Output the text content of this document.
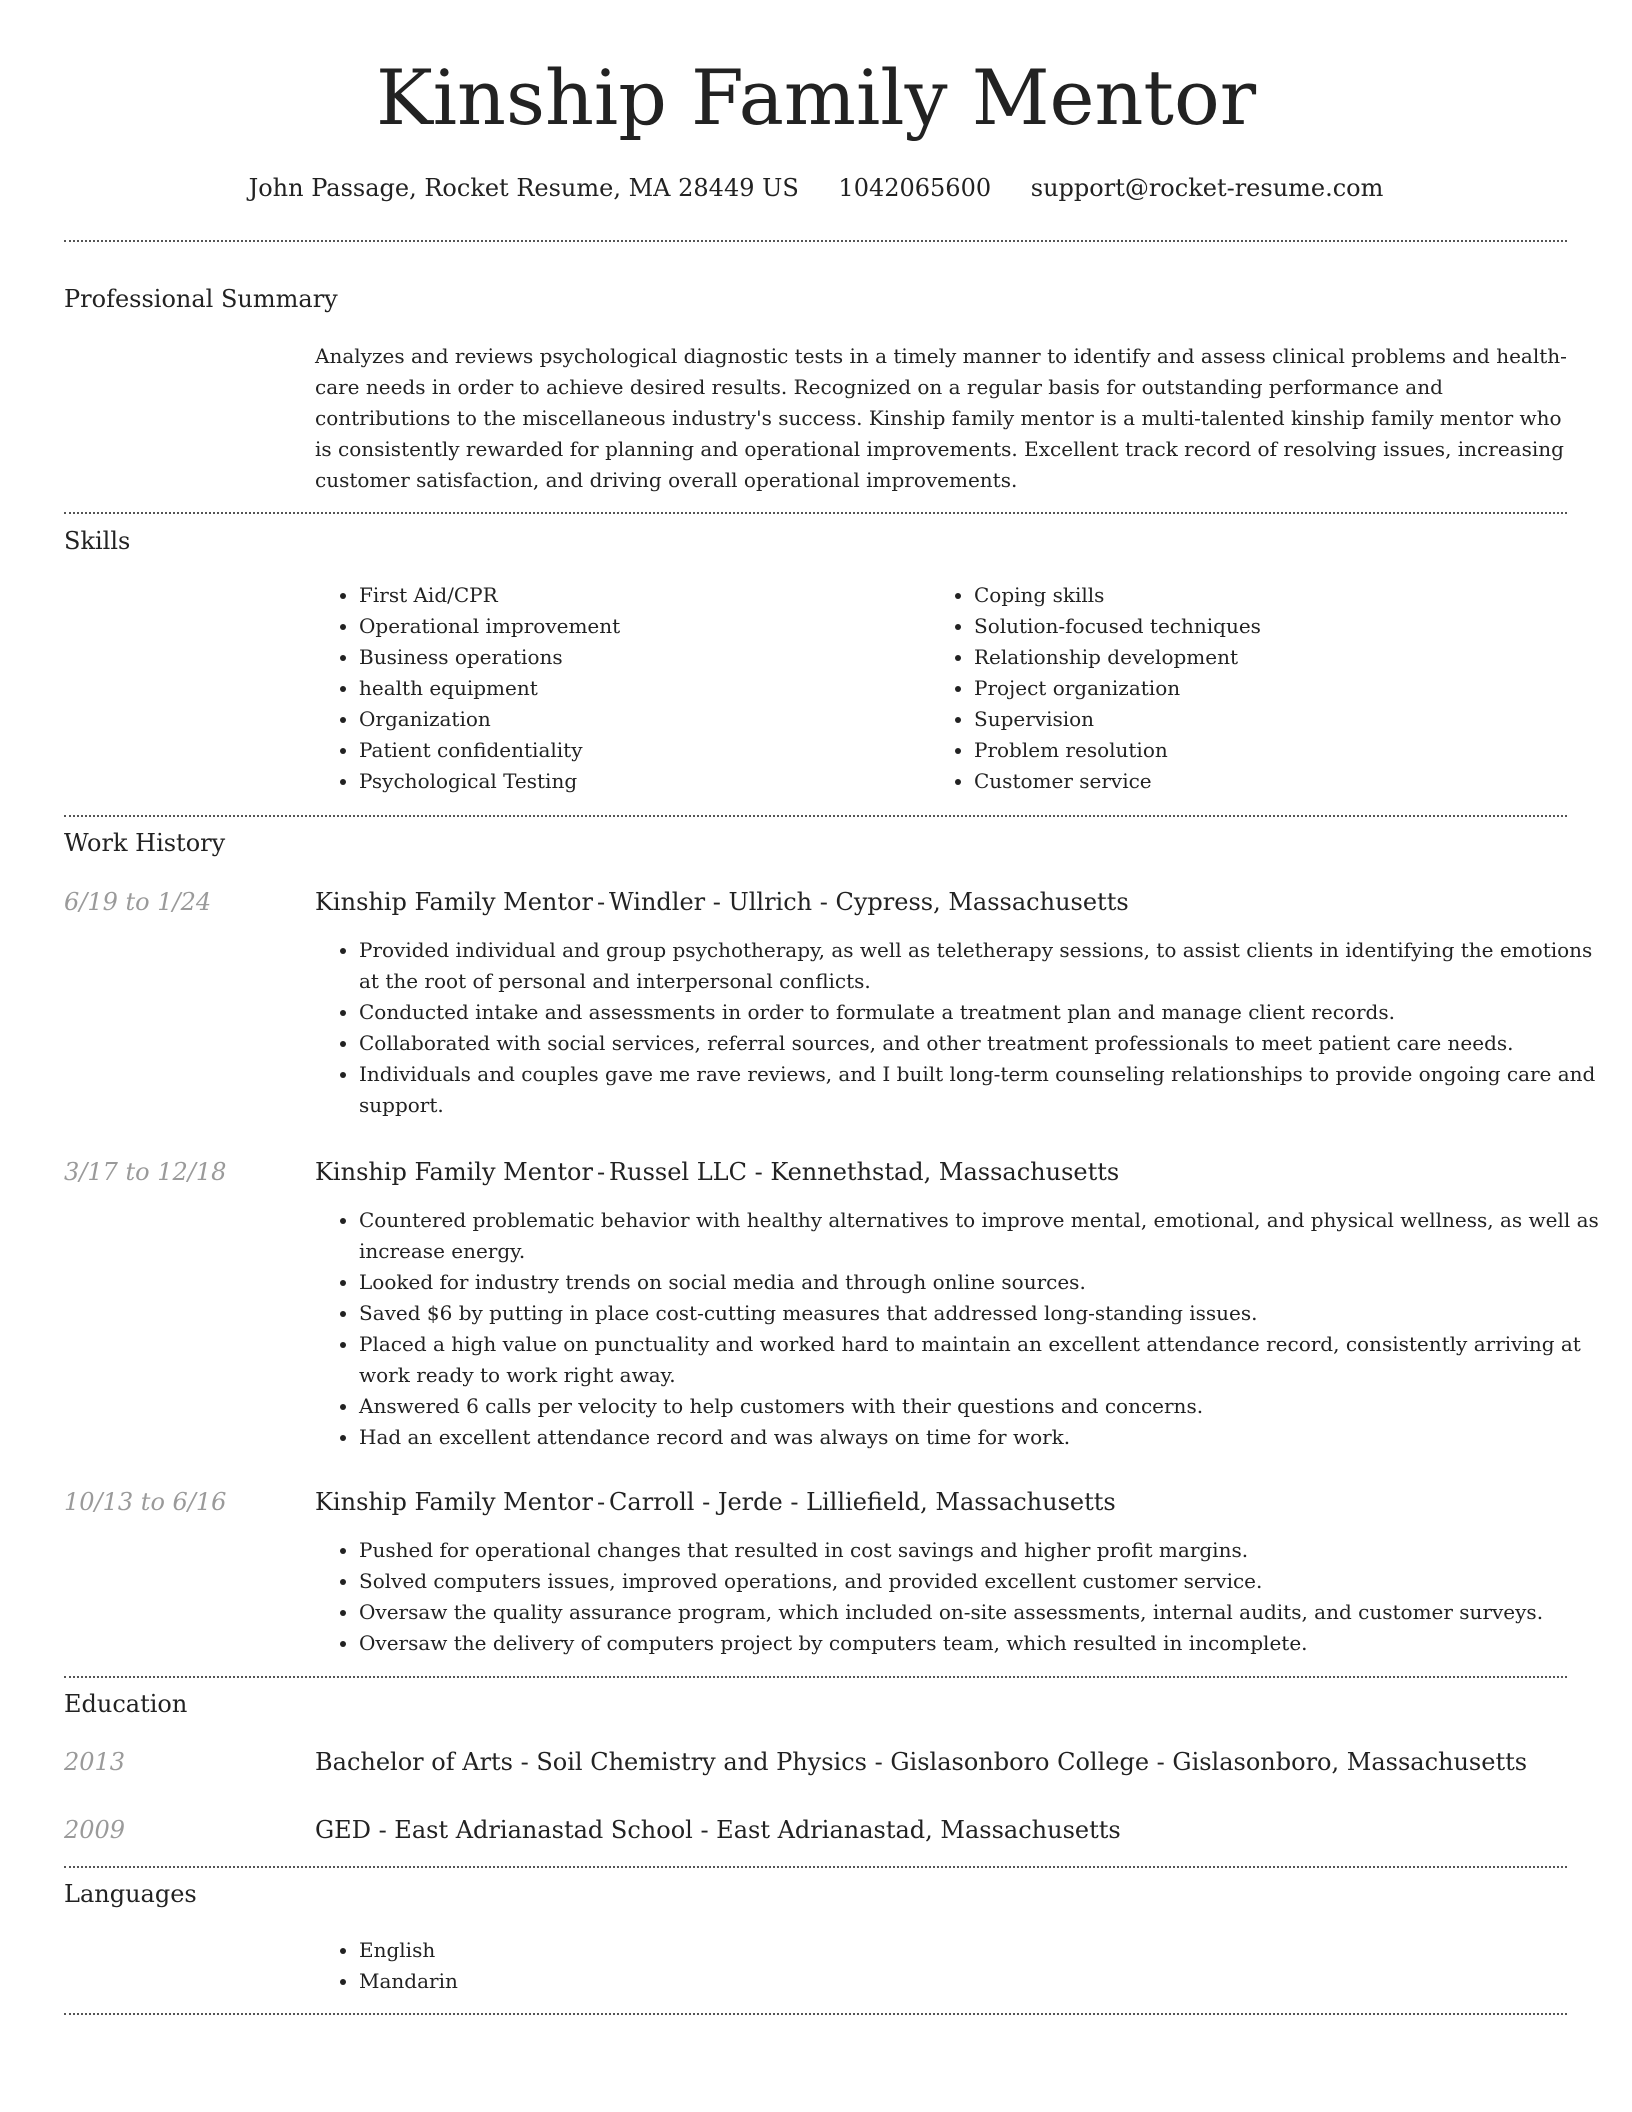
Kinship Family Mentor
John Passage, Rocket Resume, MA 28449 US 1042065600 support@rocket-resume.com
Professional Summary
Analyzes and reviews psychological diagnostic tests in a timely manner to identify and assess clinical problems and health-care needs in order to achieve desired results. Recognized on a regular basis for outstanding performance and contributions to the miscellaneous industry's success. Kinship family mentor is a multi-talented kinship family mentor who is consistently rewarded for planning and operational improvements. Excellent track record of resolving issues, increasing customer satisfaction, and driving overall operational improvements.
Skills
• First Aid/CPR
• Operational improvement
• Business operations
• health equipment
• Organization
• Patient confidentiality
• Psychological Testing
• Coping skills
• Solution-focused techniques
• Relationship development
• Project organization
• Supervision
• Problem resolution
• Customer service
Work History
6/19 to 1/24	Kinship Family Mentor - Windler - Ullrich - Cypress, Massachusetts
• Provided individual and group psychotherapy, as well as teletherapy sessions, to assist clients in identifying the emotions at the root of personal and interpersonal conflicts.
• Conducted intake and assessments in order to formulate a treatment plan and manage client records.
• Collaborated with social services, referral sources, and other treatment professionals to meet patient care needs.
• Individuals and couples gave me rave reviews, and I built long-term counseling relationships to provide ongoing care and support.
3/17 to 12/18	Kinship Family Mentor - Russel LLC - Kennethstad, Massachusetts
• Countered problematic behavior with healthy alternatives to improve mental, emotional, and physical wellness, as well as increase energy.
• Looked for industry trends on social media and through online sources.
• Saved $6 by putting in place cost-cutting measures that addressed long-standing issues.
• Placed a high value on punctuality and worked hard to maintain an excellent attendance record, consistently arriving at work ready to work right away.
• Answered 6 calls per velocity to help customers with their questions and concerns.
• Had an excellent attendance record and was always on time for work.
10/13 to 6/16	Kinship Family Mentor - Carroll - Jerde - Lilliefield, Massachusetts
• Pushed for operational changes that resulted in cost savings and higher profit margins.
• Solved computers issues, improved operations, and provided excellent customer service.
• Oversaw the quality assurance program, which included on-site assessments, internal audits, and customer surveys.
• Oversaw the delivery of computers project by computers team, which resulted in incomplete.
Education
2013	Bachelor of Arts - Soil Chemistry and Physics - Gislasonboro College - Gislasonboro, Massachusetts
2009	GED - East Adrianastad School - East Adrianastad, Massachusetts
Languages
• English
• Mandarin
